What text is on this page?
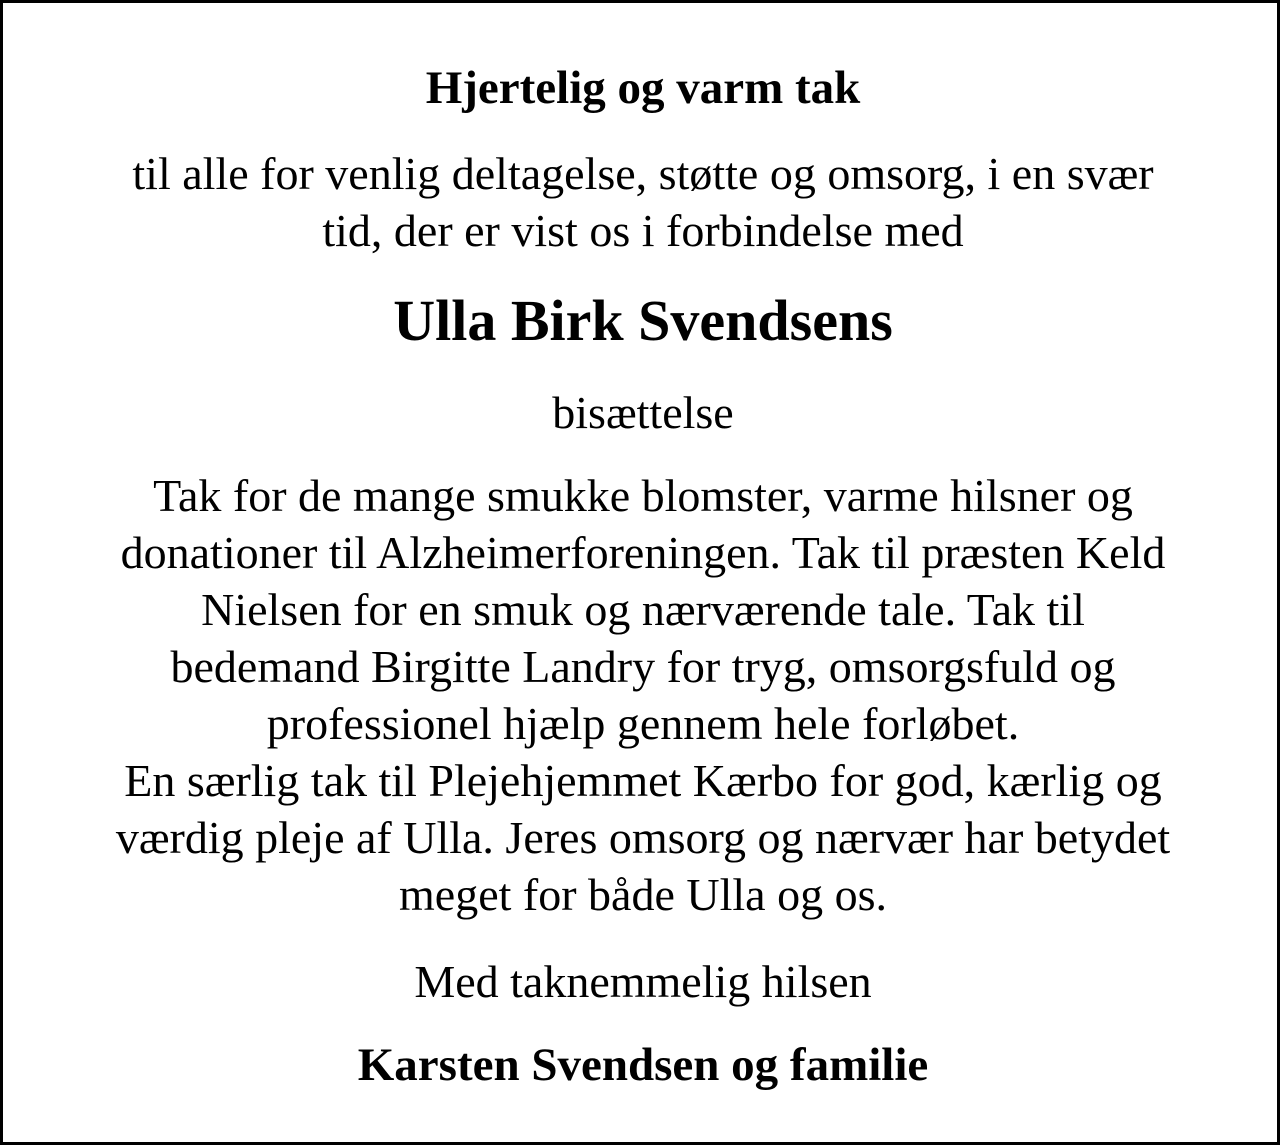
Hjertelig og varm tak
til alle for venlig deltagelse, støtte og omsorg, i en svær
tid, der er vist os i forbindelse med
Ulla Birk Svendsens
bisættelse
Tak for de mange smukke blomster, varme hilsner og
donationer til Alzheimerforeningen. Tak til præsten Keld
Nielsen for en smuk og nærværende tale. Tak til
bedemand Birgitte Landry for tryg, omsorgsfuld og
professionel hjælp gennem hele forløbet.
En særlig tak til Plejehjemmet Kærbo for god, kærlig og
værdig pleje af Ulla. Jeres omsorg og nærvær har betydet
meget for både Ulla og os.
Med taknemmelig hilsen
Karsten Svendsen og familie
